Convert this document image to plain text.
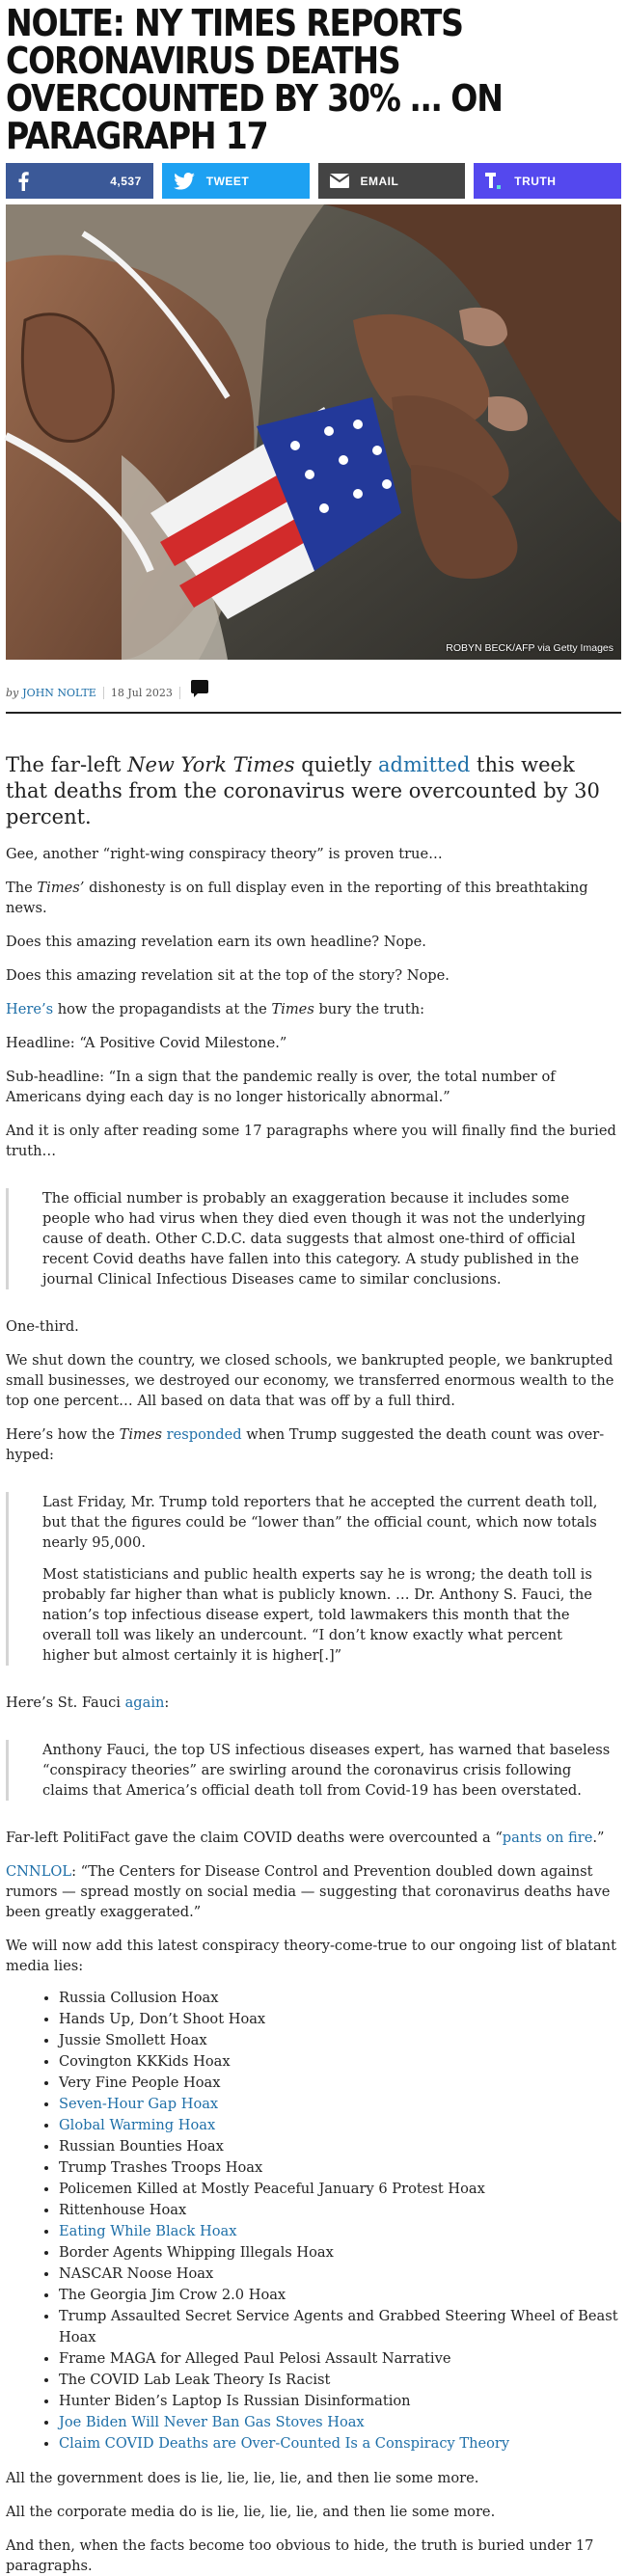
NOLTE: NY TIMES REPORTS CORONAVIRUS DEATHS OVERCOUNTED BY 30% … ON PARAGRAPH 17
4,537	TWEET	EMAIL	TRUTH
ROBYN BECK/AFP via Getty Images
by JOHN NOLTE 18 Jul 2023

The far-left New York Times quietly admitted this week that deaths from the coronavirus were overcounted by 30 percent.

Gee, another “right-wing conspiracy theory” is proven true…

The Times’ dishonesty is on full display even in the reporting of this breathtaking news.

Does this amazing revelation earn its own headline? Nope.

Does this amazing revelation sit at the top of the story? Nope.

Here’s how the propagandists at the Times bury the truth:

Headline: “A Positive Covid Milestone.”

Sub-headline: “In a sign that the pandemic really is over, the total number of Americans dying each day is no longer historically abnormal.”

And it is only after reading some 17 paragraphs where you will finally find the buried truth…

The official number is probably an exaggeration because it includes some people who had virus when they died even though it was not the underlying cause of death. Other C.D.C. data suggests that almost one-third of official recent Covid deaths have fallen into this category. A study published in the journal Clinical Infectious Diseases came to similar conclusions.

One-third.

We shut down the country, we closed schools, we bankrupted people, we bankrupted small businesses, we destroyed our economy, we transferred enormous wealth to the top one percent… All based on data that was off by a full third.

Here’s how the Times responded when Trump suggested the death count was over-hyped:

Last Friday, Mr. Trump told reporters that he accepted the current death toll, but that the figures could be “lower than” the official count, which now totals nearly 95,000.

Most statisticians and public health experts say he is wrong; the death toll is probably far higher than what is publicly known. … Dr. Anthony S. Fauci, the nation’s top infectious disease expert, told lawmakers this month that the overall toll was likely an undercount. “I don’t know exactly what percent higher but almost certainly it is higher[.]”

Here’s St. Fauci again:

Anthony Fauci, the top US infectious diseases expert, has warned that baseless “conspiracy theories” are swirling around the coronavirus crisis following claims that America’s official death toll from Covid-19 has been overstated.

Far-left PolitiFact gave the claim COVID deaths were overcounted a “pants on fire.”

CNNLOL: “The Centers for Disease Control and Prevention doubled down against rumors — spread mostly on social media — suggesting that coronavirus deaths have been greatly exaggerated.”

We will now add this latest conspiracy theory-come-true to our ongoing list of blatant media lies:

• Russia Collusion Hoax
• Hands Up, Don’t Shoot Hoax
• Jussie Smollett Hoax
• Covington KKKids Hoax
• Very Fine People Hoax
• Seven-Hour Gap Hoax
• Global Warming Hoax
• Russian Bounties Hoax
• Trump Trashes Troops Hoax
• Policemen Killed at Mostly Peaceful January 6 Protest Hoax
• Rittenhouse Hoax
• Eating While Black Hoax
• Border Agents Whipping Illegals Hoax
• NASCAR Noose Hoax
• The Georgia Jim Crow 2.0 Hoax
• Trump Assaulted Secret Service Agents and Grabbed Steering Wheel of Beast Hoax
• Frame MAGA for Alleged Paul Pelosi Assault Narrative
• The COVID Lab Leak Theory Is Racist
• Hunter Biden’s Laptop Is Russian Disinformation
• Joe Biden Will Never Ban Gas Stoves Hoax
• Claim COVID Deaths are Over-Counted Is a Conspiracy Theory

All the government does is lie, lie, lie, lie, and then lie some more.

All the corporate media do is lie, lie, lie, lie, and then lie some more.

And then, when the facts become too obvious to hide, the truth is buried under 17 paragraphs.
